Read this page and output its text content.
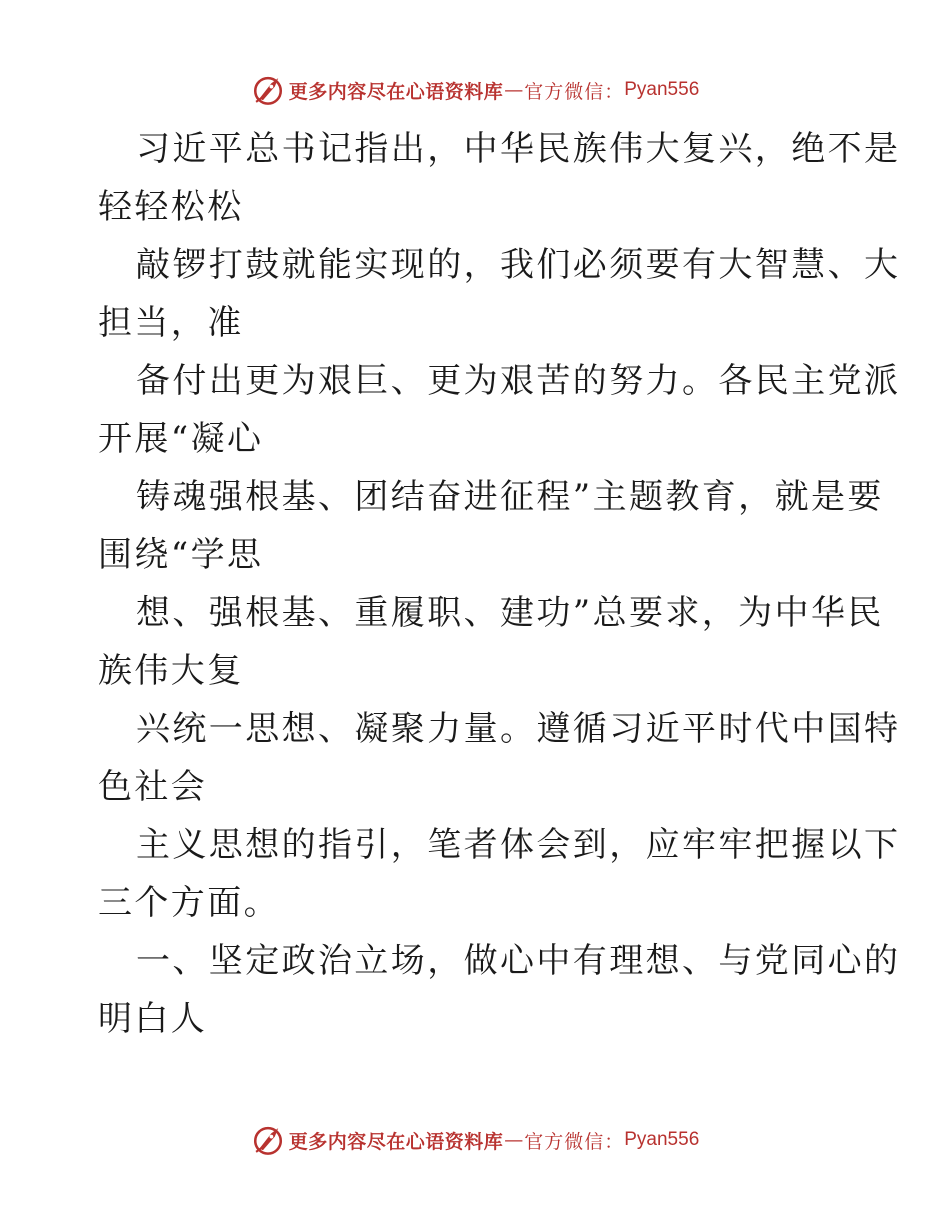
更多内容尽在心语资料库 — 官方微信： Pyan556
习近平总书记指出，中华民族伟大复兴，绝不是
轻轻松松
敲锣打鼓就能实现的，我们必须要有大智慧、大
担当，准
备付出更为艰巨、更为艰苦的努力。各民主党派
开展“凝心
铸魂强根基、团结奋进征程”主题教育，就是要
围绕“学思
想、强根基、重履职、建功”总要求，为中华民
族伟大复
兴统一思想、凝聚力量。遵循习近平时代中国特
色社会
主义思想的指引，笔者体会到，应牢牢把握以下
三个方面。
一、坚定政治立场，做心中有理想、与党同心的
明白人
更多内容尽在心语资料库 — 官方微信： Pyan556
